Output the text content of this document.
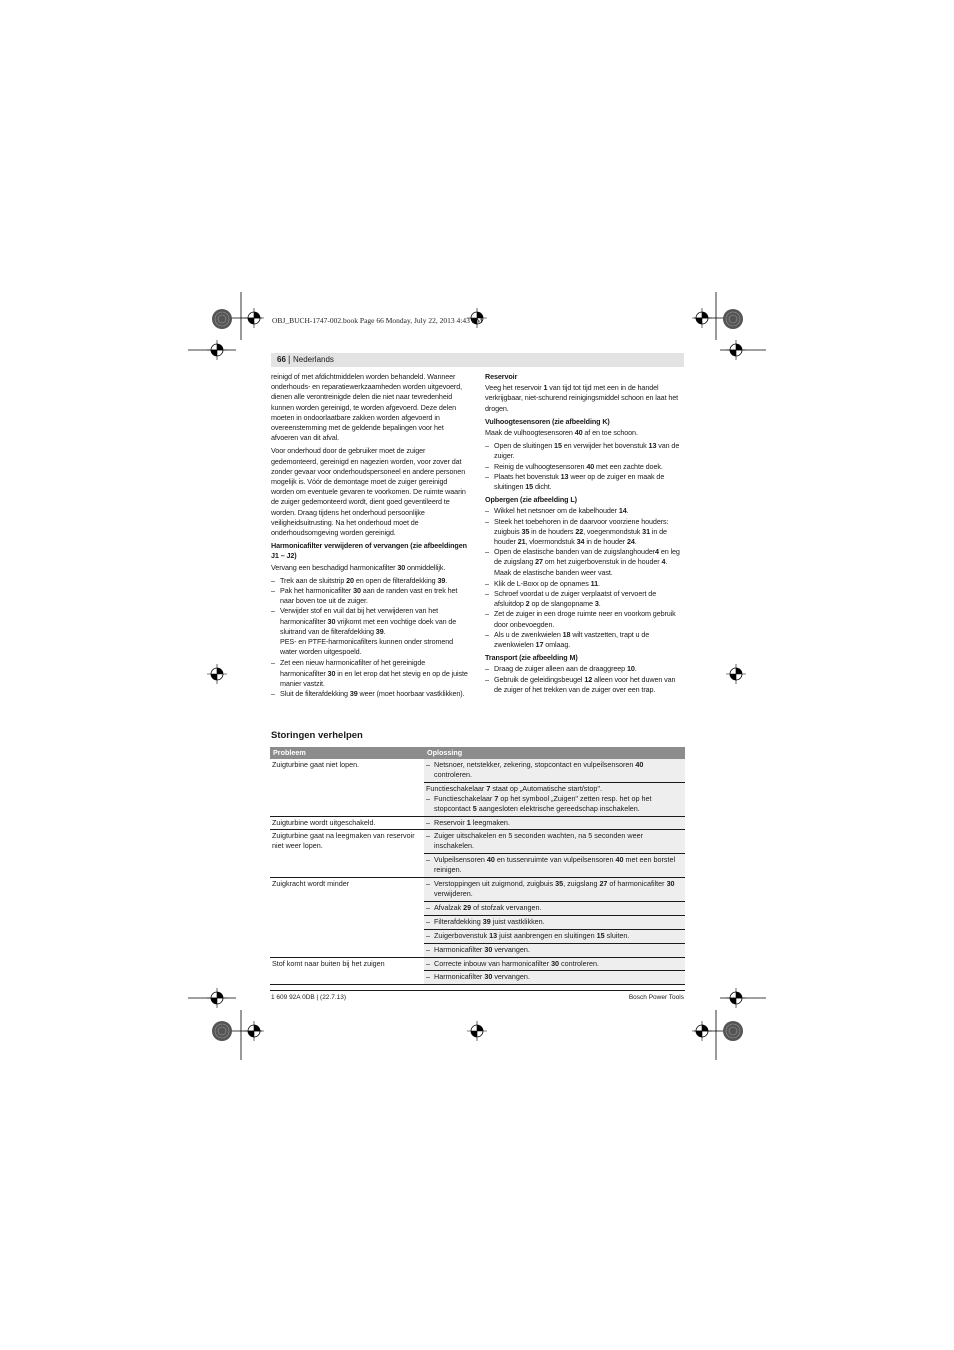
OBJ_BUCH-1747-002.book Page 66 Monday, July 22, 2013 4:43 PM
66 | Nederlands

reinigd of met afdichtmiddelen worden behandeld. Wanneer onderhouds- en reparatiewerkzaamheden worden uitgevoerd, dienen alle verontreinigde delen die niet naar tevredenheid kunnen worden gereinigd, te worden afgevoerd. Deze delen moeten in ondoorlaatbare zakken worden afgevoerd in overeenstemming met de geldende bepalingen voor het afvoeren van dit afval.

Voor onderhoud door de gebruiker moet de zuiger gedemonteerd, gereinigd en nagezien worden, voor zover dat zonder gevaar voor onderhoudspersoneel en andere personen mogelijk is. Vóór de demontage moet de zuiger gereinigd worden om eventuele gevaren te voorkomen. De ruimte waarin de zuiger gedemonteerd wordt, dient goed geventileerd te worden. Draag tijdens het onderhoud persoonlijke veiligheidsuitrusting. Na het onderhoud moet de onderhoudsomgeving worden gereinigd.

Harmonicafilter verwijderen of vervangen (zie afbeeldingen J1 – J2)

Vervang een beschadigd harmonicafilter 30 onmiddellijk.

– Trek aan de sluitstrip 20 en open de filterafdekking 39.
– Pak het harmonicafilter 30 aan de randen vast en trek het naar boven toe uit de zuiger.
– Verwijder stof en vuil dat bij het verwijderen van het harmonicafilter 30 vrijkomt met een vochtige doek van de sluitrand van de filterafdekking 39.

PES- en PTFE-harmonicafilters kunnen onder stromend water worden uitgespoeld.

– Zet een nieuw harmonicafilter of het gereinigde harmonicafilter 30 in en let erop dat het stevig en op de juiste manier vastzit.
– Sluit de filterafdekking 39 weer (moet hoorbaar vastklikken).
Reservoir

Veeg het reservoir 1 van tijd tot tijd met een in de handel verkrijgbaar, niet-schurend reinigingsmiddel schoon en laat het drogen.

Vulhoogtesensoren (zie afbeelding K)

Maak de vulhoogtesensoren 40 af en toe schoon.

– Open de sluitingen 15 en verwijder het bovenstuk 13 van de zuiger.
– Reinig de vulhoogtesensoren 40 met een zachte doek.
– Plaats het bovenstuk 13 weer op de zuiger en maak de sluitingen 15 dicht.
Opbergen (zie afbeelding L)
– Wikkel het netsnoer om de kabelhouder 14.
– Steek het toebehoren in de daarvoor voorziene houders: zuigbuis 35 in de houders 22, voegenmondstuk 31 in de houder 21, vloermondstuk 34 in de houder 24.
– Open de elastische banden van de zuigslanghouder4 en leg de zuigslang 27 om het zuigerbovenstuk in de houder 4.

Maak de elastische banden weer vast.

– Klik de L-Boxx op de opnames 11.
– Schroef voordat u de zuiger verplaatst of vervoert de afsluitdop 2 op de slangopname 3.
– Zet de zuiger in een droge ruimte neer en voorkom gebruik door onbevoegden.
– Als u de zwenkwielen 18 wilt vastzetten, trapt u de zwenkwielen 17 omlaag.
Transport (zie afbeelding M)
– Draag de zuiger alleen aan de draaggreep 10.
– Gebruik de geleidingsbeugel 12 alleen voor het duwen van de zuiger of het trekken van de zuiger over een trap.
Storingen verhelpen
Probleem	Oplossing
Zuigturbine gaat niet lopen.	– Netsnoer, netstekker, zekering, stopcontact en vulpeilsensoren 40 controleren.

	Functieschakelaar 7 staat op „Automatische start/stop".
– Functieschakelaar 7 op het symbool „Zuigen" zetten resp. het op het stopcontact 5 aangesloten elektrische gereedschap inschakelen.

Zuigturbine wordt uitgeschakeld.	– Reservoir 1 leegmaken.

Zuigturbine gaat na leegmaken van reservoir niet weer lopen.	– Zuiger uitschakelen en 5 seconden wachten, na 5 seconden weer inschakelen.

	– Vulpeilsensoren 40 en tussenruimte van vulpeilsensoren 40 met een borstel reinigen.

Zuigkracht wordt minder	– Verstoppingen uit zuigmond, zuigbuis 35, zuigslang 27 of harmonicafilter 30 verwijderen.

	– Afvalzak 29 of stofzak vervangen.

	– Filterafdekking 39 juist vastklikken.

	– Zuigerbovenstuk 13 juist aanbrengen en sluitingen 15 sluiten.

	– Harmonicafilter 30 vervangen.

Stof komt naar buiten bij het zuigen	– Correcte inbouw van harmonicafilter 30 controleren.

	– Harmonicafilter 30 vervangen.
1 609 92A 0DB | (22.7.13)	Bosch Power Tools
